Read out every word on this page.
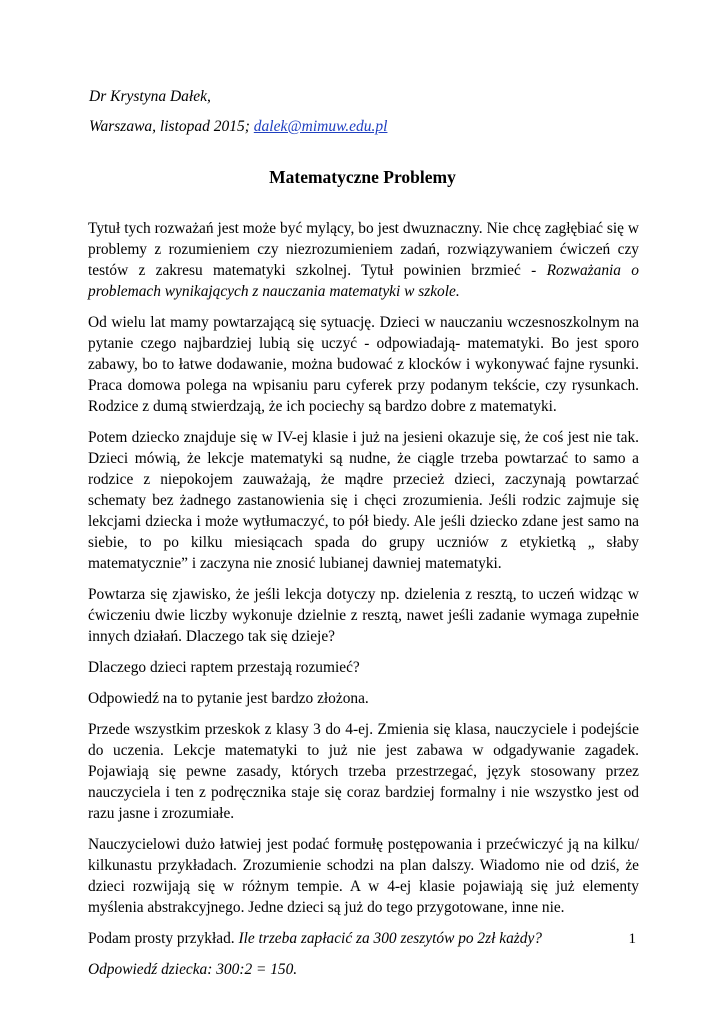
Dr Krystyna Dałek,
Warszawa, listopad 2015; dalek@mimuw.edu.pl
Matematyczne Problemy

Tytuł tych rozważań jest może być mylący, bo jest dwuznaczny. Nie chcę zagłębiać się w problemy z rozumieniem czy niezrozumieniem zadań, rozwiązywaniem ćwiczeń czy testów z zakresu matematyki szkolnej. Tytuł powinien brzmieć - Rozważania o problemach wynikających z nauczania matematyki w szkole.

Od wielu lat mamy powtarzającą się sytuację. Dzieci w nauczaniu wczesnoszkolnym na pytanie czego najbardziej lubią się uczyć - odpowiadają- matematyki. Bo jest sporo zabawy, bo to łatwe dodawanie, można budować z klocków i wykonywać fajne rysunki. Praca domowa polega na wpisaniu paru cyferek przy podanym tekście, czy rysunkach. Rodzice z dumą stwierdzają, że ich pociechy są bardzo dobre z matematyki.

Potem dziecko znajduje się w IV-ej klasie i już na jesieni okazuje się, że coś jest nie tak. Dzieci mówią, że lekcje matematyki są nudne, że ciągle trzeba powtarzać to samo a rodzice z niepokojem zauważają, że mądre przecież dzieci, zaczynają powtarzać schematy bez żadnego zastanowienia się i chęci zrozumienia. Jeśli rodzic zajmuje się lekcjami dziecka i może wytłumaczyć, to pół biedy. Ale jeśli dziecko zdane jest samo na siebie, to po kilku miesiącach spada do grupy uczniów z etykietką „ słaby matematycznie” i zaczyna nie znosić lubianej dawniej matematyki.

Powtarza się zjawisko, że jeśli lekcja dotyczy np. dzielenia z resztą, to uczeń widząc w ćwiczeniu dwie liczby wykonuje dzielnie z resztą, nawet jeśli zadanie wymaga zupełnie innych działań. Dlaczego tak się dzieje?

Dlaczego dzieci raptem przestają rozumieć?

Odpowiedź na to pytanie jest bardzo złożona.

Przede wszystkim przeskok z klasy 3 do 4-ej. Zmienia się klasa, nauczyciele i podejście do uczenia. Lekcje matematyki to już nie jest zabawa w odgadywanie zagadek. Pojawiają się pewne zasady, których trzeba przestrzegać, język stosowany przez nauczyciela i ten z podręcznika staje się coraz bardziej formalny i nie wszystko jest od razu jasne i zrozumiałe.

Nauczycielowi dużo łatwiej jest podać formułę postępowania i przećwiczyć ją na kilku/ kilkunastu przykładach. Zrozumienie schodzi na plan dalszy. Wiadomo nie od dziś, że dzieci rozwijają się w różnym tempie. A w 4-ej klasie pojawiają się już elementy myślenia abstrakcyjnego. Jedne dzieci są już do tego przygotowane, inne nie.

Podam prosty przykład. Ile trzeba zapłacić za 300 zeszytów po 2zł każdy?

Odpowiedź dziecka: 300:2 = 150.

1
